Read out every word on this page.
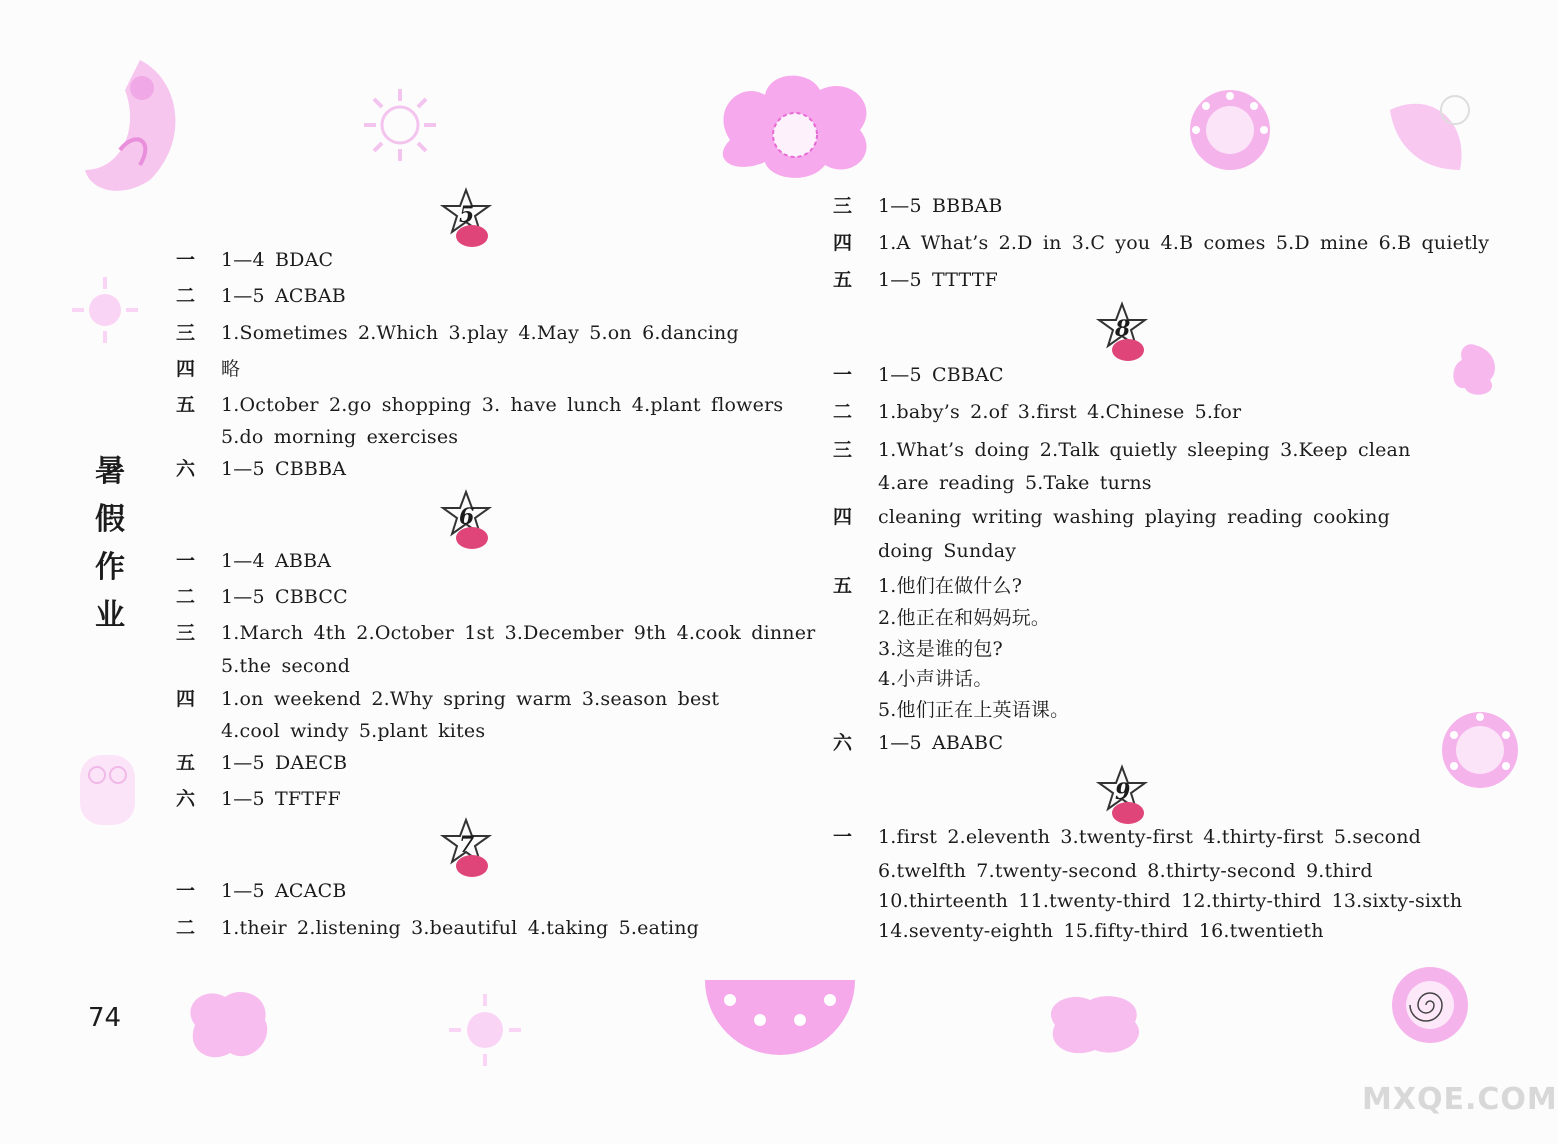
暑
假
作
业
5
6
7
8
9
一 1—4 BDAC
二 1—5 ACBAB
三 1.Sometimes 2.Which 3.play 4.May 5.on 6.dancing
四 略
五 1.October 2.go shopping 3. have lunch 4.plant flowers
5.do morning exercises
六 1—5 CBBBA
一 1—4 ABBA
二 1—5 CBBCC
三 1.March 4th 2.October 1st 3.December 9th 4.cook dinner
5.the second
四 1.on weekend 2.Why spring warm 3.season best
4.cool windy 5.plant kites
五 1—5 DAECB
六 1—5 TFTFF
一 1—5 ACACB
二 1.their 2.listening 3.beautiful 4.taking 5.eating
三 1—5 BBBAB
四 1.A What’s 2.D in 3.C you 4.B comes 5.D mine 6.B quietly
五 1—5 TTTTF
一 1—5 CBBAC
二 1.baby’s 2.of 3.first 4.Chinese 5.for
三 1.What’s doing 2.Talk quietly sleeping 3.Keep clean
4.are reading 5.Take turns
四 cleaning writing washing playing reading cooking
doing Sunday
五 1.他们在做什么?
2.他正在和妈妈玩。
3.这是谁的包?
4.小声讲话。
5.他们正在上英语课。
六 1—5 ABABC
一 1.first 2.eleventh 3.twenty-first 4.thirty-first 5.second
6.twelfth 7.twenty-second 8.thirty-second 9.third
10.thirteenth 11.twenty-third 12.thirty-third 13.sixty-sixth
14.seventy-eighth 15.fifty-third 16.twentieth
74
MXQE.COM
